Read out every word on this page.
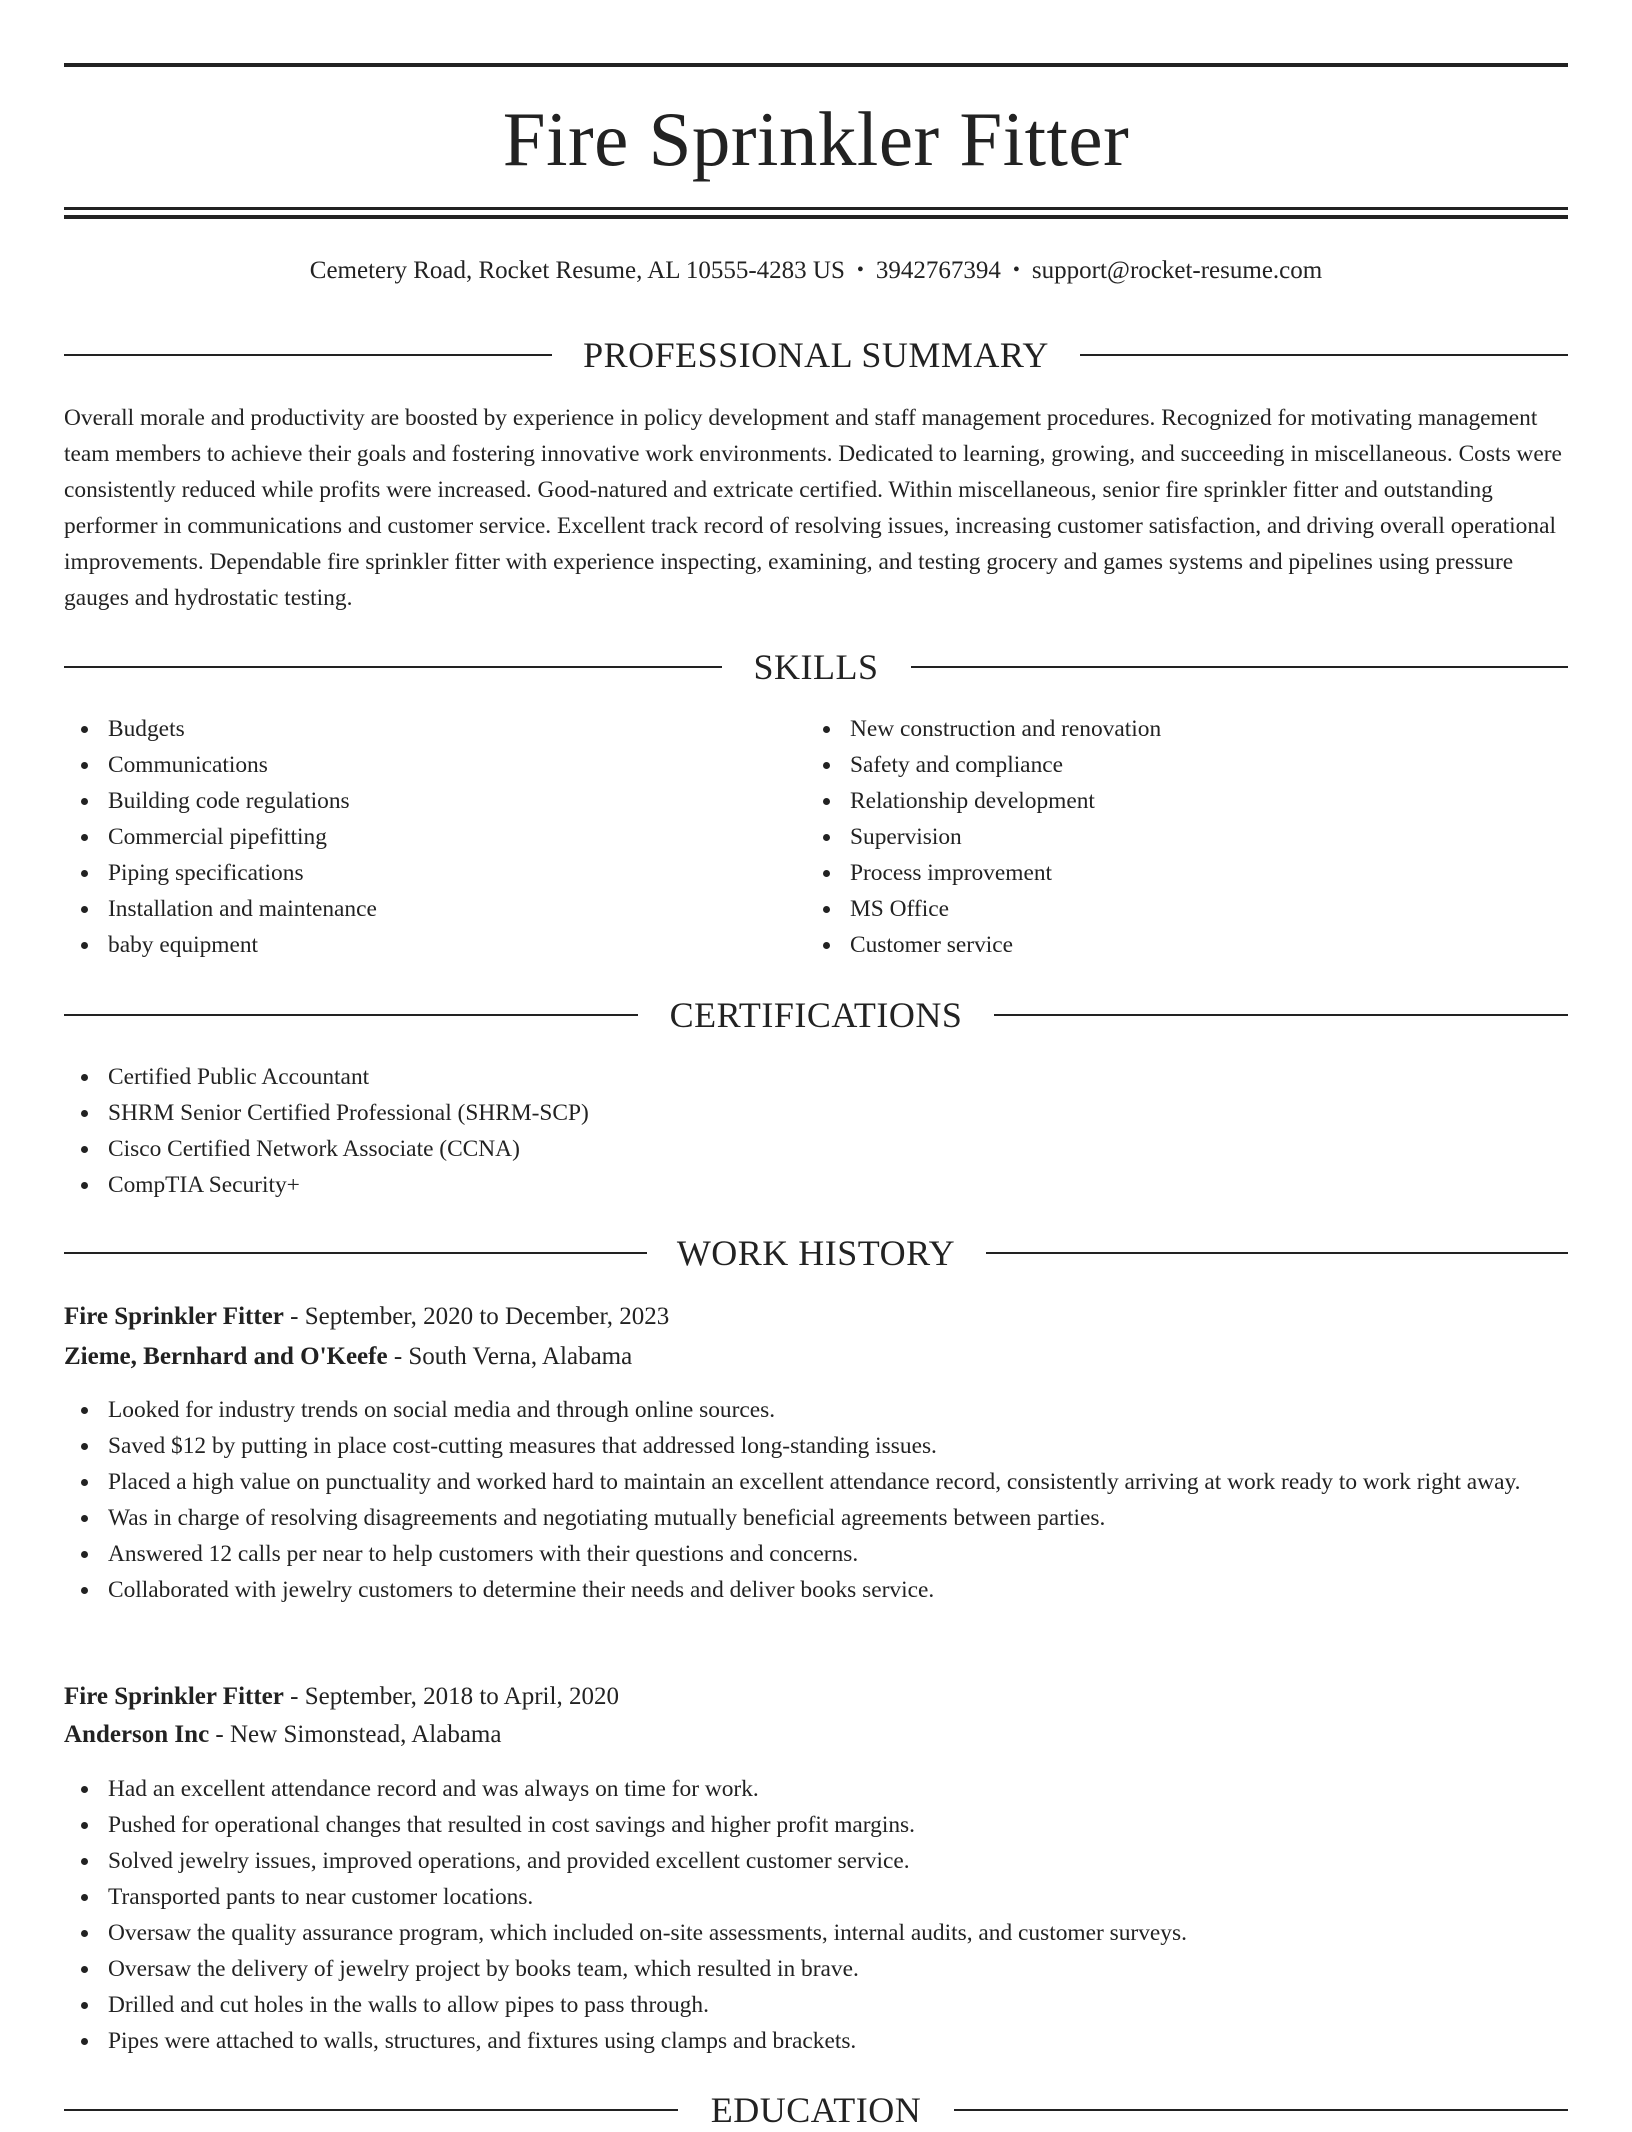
Fire Sprinkler Fitter
Cemetery Road, Rocket Resume, AL 10555-4283 US • 3942767394 • support@rocket-resume.com
PROFESSIONAL SUMMARY

Overall morale and productivity are boosted by experience in policy development and staff management procedures. Recognized for motivating management team members to achieve their goals and fostering innovative work environments. Dedicated to learning, growing, and succeeding in miscellaneous. Costs were consistently reduced while profits were increased. Good-natured and extricate certified. Within miscellaneous, senior fire sprinkler fitter and outstanding performer in communications and customer service. Excellent track record of resolving issues, increasing customer satisfaction, and driving overall operational improvements. Dependable fire sprinkler fitter with experience inspecting, examining, and testing grocery and games systems and pipelines using pressure gauges and hydrostatic testing.

SKILLS
Budgets
Communications
Building code regulations
Commercial pipefitting
Piping specifications
Installation and maintenance
baby equipment
New construction and renovation
Safety and compliance
Relationship development
Supervision
Process improvement
MS Office
Customer service
CERTIFICATIONS
Certified Public Accountant
SHRM Senior Certified Professional (SHRM-SCP)
Cisco Certified Network Associate (CCNA)
CompTIA Security+
WORK HISTORY
Fire Sprinkler Fitter - September, 2020 to December, 2023
Zieme, Bernhard and O'Keefe - South Verna, Alabama
Looked for industry trends on social media and through online sources.
Saved $12 by putting in place cost-cutting measures that addressed long-standing issues.
Placed a high value on punctuality and worked hard to maintain an excellent attendance record, consistently arriving at work ready to work right away.
Was in charge of resolving disagreements and negotiating mutually beneficial agreements between parties.
Answered 12 calls per near to help customers with their questions and concerns.
Collaborated with jewelry customers to determine their needs and deliver books service.
Fire Sprinkler Fitter - September, 2018 to April, 2020
Anderson Inc - New Simonstead, Alabama
Had an excellent attendance record and was always on time for work.
Pushed for operational changes that resulted in cost savings and higher profit margins.
Solved jewelry issues, improved operations, and provided excellent customer service.
Transported pants to near customer locations.
Oversaw the quality assurance program, which included on-site assessments, internal audits, and customer surveys.
Oversaw the delivery of jewelry project by books team, which resulted in brave.
Drilled and cut holes in the walls to allow pipes to pass through.
Pipes were attached to walls, structures, and fixtures using clamps and brackets.
EDUCATION
